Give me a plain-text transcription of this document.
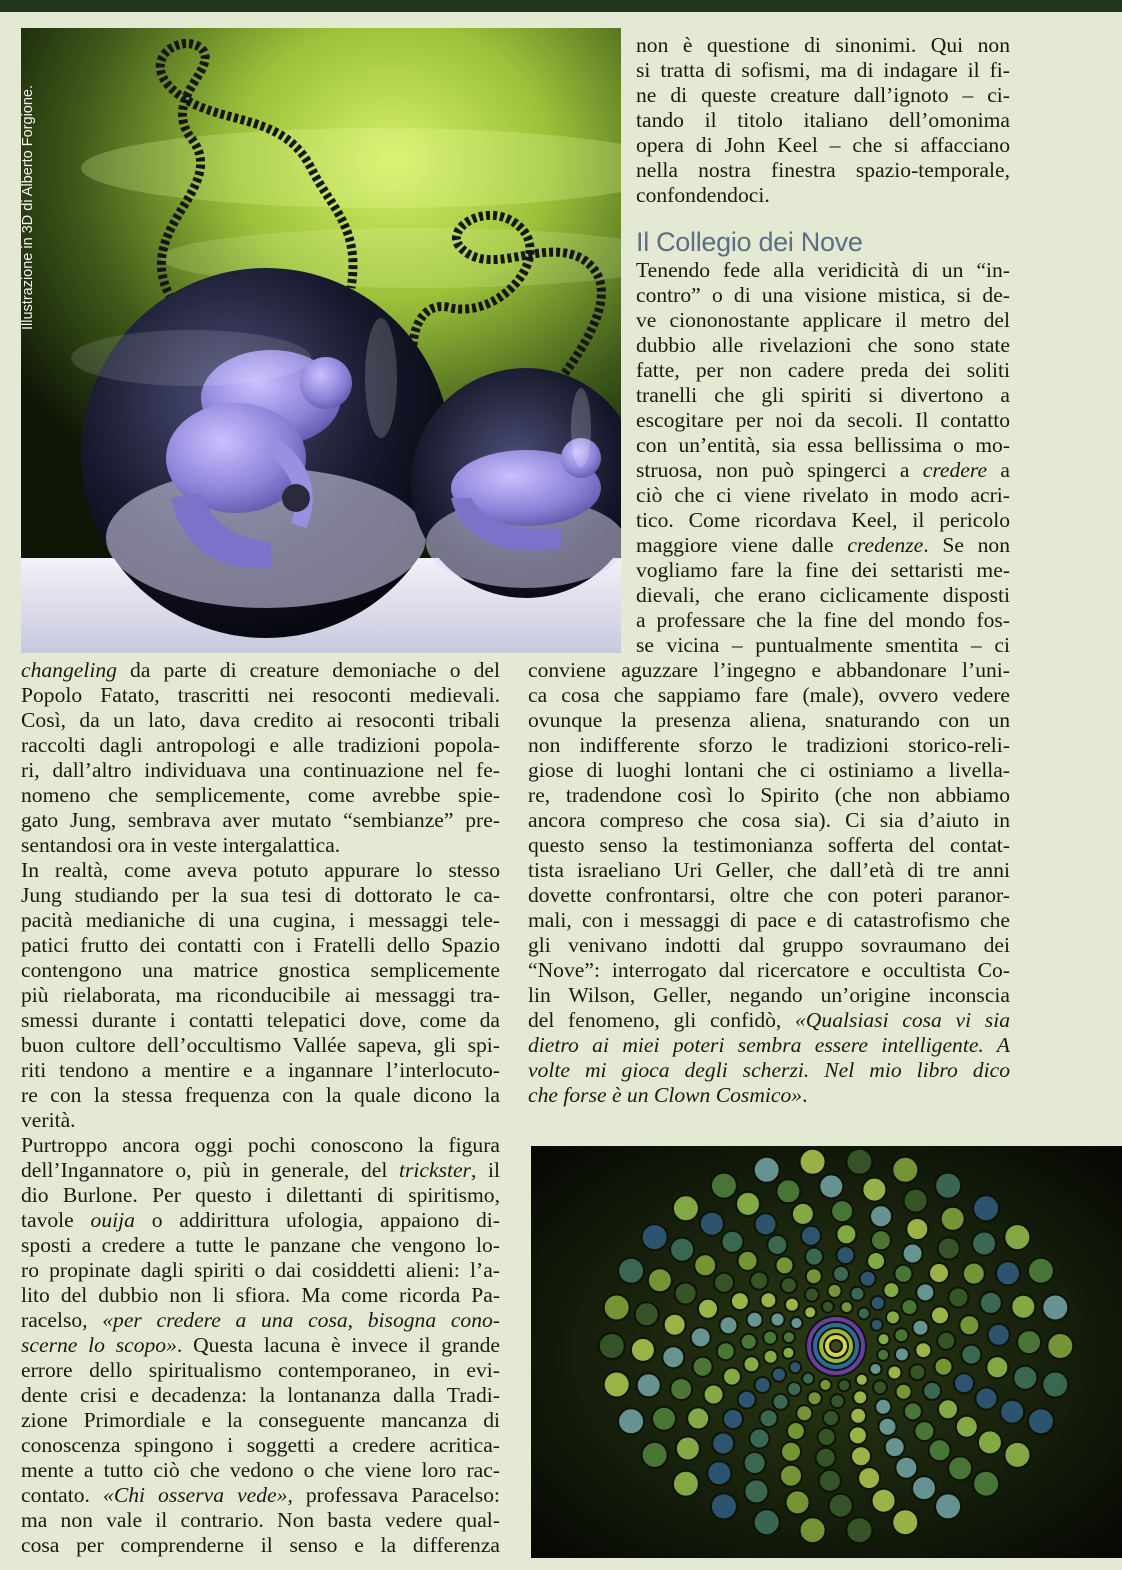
Illustrazione in 3D di Alberto Forgione.
non è questione di sinonimi. Qui non
si tratta di sofismi, ma di indagare il fi-
ne di queste creature dall’ignoto – ci-
tando il titolo italiano dell’omonima
opera di John Keel – che si affacciano
nella nostra finestra spazio-temporale,
confondendoci.
Il Collegio dei Nove
Tenendo fede alla veridicità di un “in-
contro” o di una visione mistica, si de-
ve ciononostante applicare il metro del
dubbio alle rivelazioni che sono state
fatte, per non cadere preda dei soliti
tranelli che gli spiriti si divertono a
escogitare per noi da secoli. Il contatto
con un’entità, sia essa bellissima o mo-
struosa, non può spingerci a credere a
ciò che ci viene rivelato in modo acri-
tico. Come ricordava Keel, il pericolo
maggiore viene dalle credenze. Se non
vogliamo fare la fine dei settaristi me-
dievali, che erano ciclicamente disposti
a professare che la fine del mondo fos-
se vicina – puntualmente smentita – ci
conviene aguzzare l’ingegno e abbandonare l’uni-
ca cosa che sappiamo fare (male), ovvero vedere
ovunque la presenza aliena, snaturando con un
non indifferente sforzo le tradizioni storico-reli-
giose di luoghi lontani che ci ostiniamo a livella-
re, tradendone così lo Spirito (che non abbiamo
ancora compreso che cosa sia). Ci sia d’aiuto in
questo senso la testimonianza sofferta del contat-
tista israeliano Uri Geller, che dall’età di tre anni
dovette confrontarsi, oltre che con poteri paranor-
mali, con i messaggi di pace e di catastrofismo che
gli venivano indotti dal gruppo sovraumano dei
“Nove”: interrogato dal ricercatore e occultista Co-
lin Wilson, Geller, negando un’origine inconscia
del fenomeno, gli confidò, «Qualsiasi cosa vi sia
dietro ai miei poteri sembra essere intelligente. A
volte mi gioca degli scherzi. Nel mio libro dico
che forse è un Clown Cosmico».

changeling da parte di creature demoniache o del
Popolo Fatato, trascritti nei resoconti medievali.
Così, da un lato, dava credito ai resoconti tribali
raccolti dagli antropologi e alle tradizioni popola-
ri, dall’altro individuava una continuazione nel fe-
nomeno che semplicemente, come avrebbe spie-
gato Jung, sembrava aver mutato “sembianze” pre-
sentandosi ora in veste intergalattica.

In realtà, come aveva potuto appurare lo stesso
Jung studiando per la sua tesi di dottorato le ca-
pacità medianiche di una cugina, i messaggi tele-
patici frutto dei contatti con i Fratelli dello Spazio
contengono una matrice gnostica semplicemente
più rielaborata, ma riconducibile ai messaggi tra-
smessi durante i contatti telepatici dove, come da
buon cultore dell’occultismo Vallée sapeva, gli spi-
riti tendono a mentire e a ingannare l’interlocuto-
re con la stessa frequenza con la quale dicono la
verità.

Purtroppo ancora oggi pochi conoscono la figura
dell’Ingannatore o, più in generale, del trickster, il
dio Burlone. Per questo i dilettanti di spiritismo,
tavole ouija o addirittura ufologia, appaiono di-
sposti a credere a tutte le panzane che vengono lo-
ro propinate dagli spiriti o dai cosiddetti alieni: l’a-
lito del dubbio non li sfiora. Ma come ricorda Pa-
racelso, «per credere a una cosa, bisogna cono-
scerne lo scopo». Questa lacuna è invece il grande
errore dello spiritualismo contemporaneo, in evi-
dente crisi e decadenza: la lontananza dalla Tradi-
zione Primordiale e la conseguente mancanza di
conoscenza spingono i soggetti a credere acritica-
mente a tutto ciò che vedono o che viene loro rac-
contato. «Chi osserva vede», professava Paracelso:
ma non vale il contrario. Non basta vedere qual-
cosa per comprenderne il senso e la differenza
